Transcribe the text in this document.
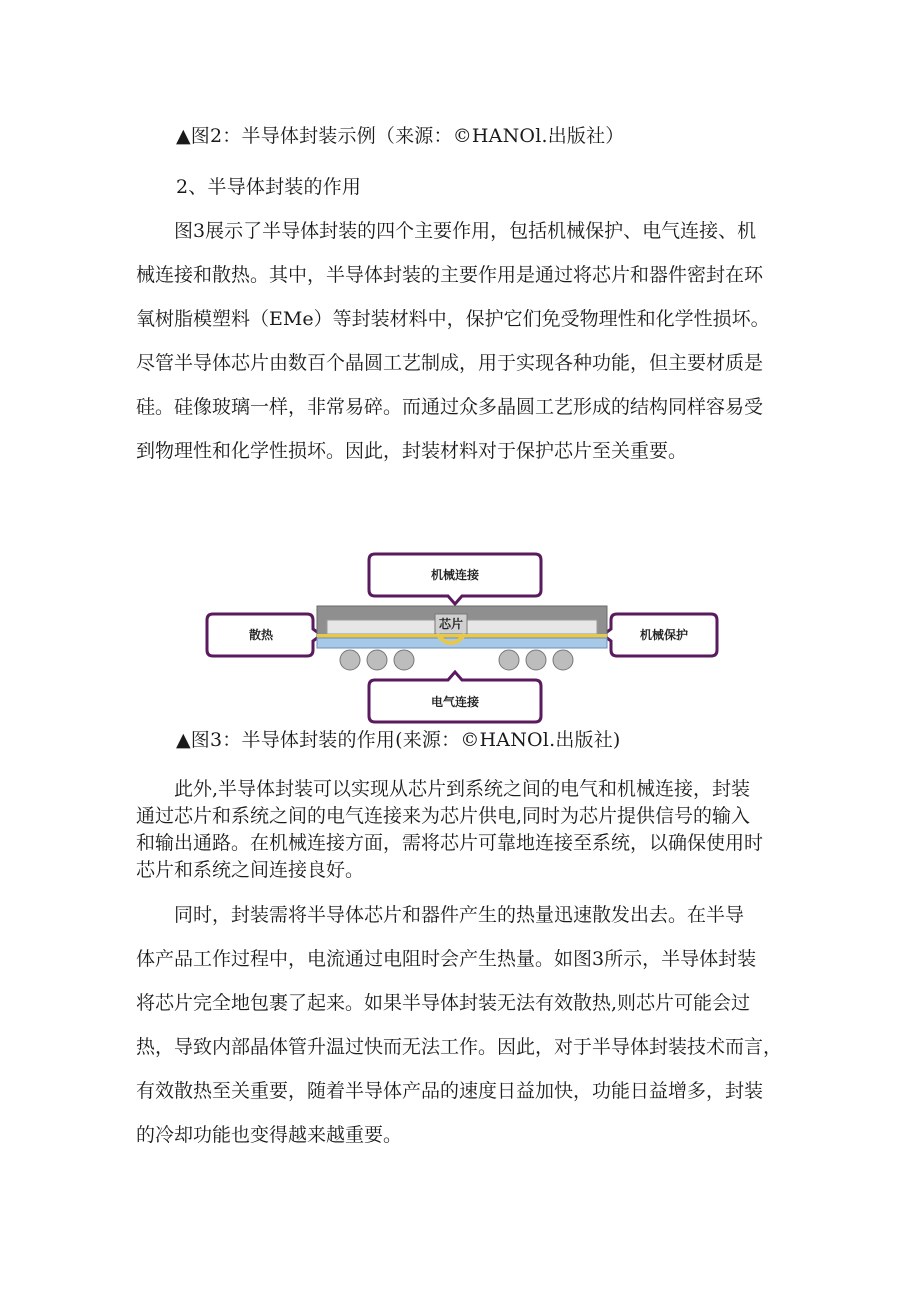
▲图2：半导体封装示例（来源：©HANOl.出版社）
2、半导体封装的作用
图3展示了半导体封装的四个主要作用，包括机械保护、电气连接、机
械连接和散热。其中，半导体封装的主要作用是通过将芯片和器件密封在环
氧树脂模塑料（EMe）等封装材料中，保护它们免受物理性和化学性损坏。
尽管半导体芯片由数百个晶圆工艺制成，用于实现各种功能，但主要材质是
硅。硅像玻璃一样，非常易碎。而通过众多晶圆工艺形成的结构同样容易受
到物理性和化学性损坏。因此，封装材料对于保护芯片至关重要。
机械连接
散热	机械保护
芯片
电气连接
▲图3：半导体封装的作用(来源：©HANOl.出版社)
此外,半导体封装可以实现从芯片到系统之间的电气和机械连接，封装
通过芯片和系统之间的电气连接来为芯片供电,同时为芯片提供信号的输入
和输出通路。在机械连接方面，需将芯片可靠地连接至系统，以确保使用时
芯片和系统之间连接良好。
同时，封装需将半导体芯片和器件产生的热量迅速散发出去。在半导
体产品工作过程中，电流通过电阻时会产生热量。如图3所示，半导体封装
将芯片完全地包裹了起来。如果半导体封装无法有效散热,则芯片可能会过
热，导致内部晶体管升温过快而无法工作。因此，对于半导体封装技术而言，
有效散热至关重要，随着半导体产品的速度日益加快，功能日益增多，封装
的冷却功能也变得越来越重要。
